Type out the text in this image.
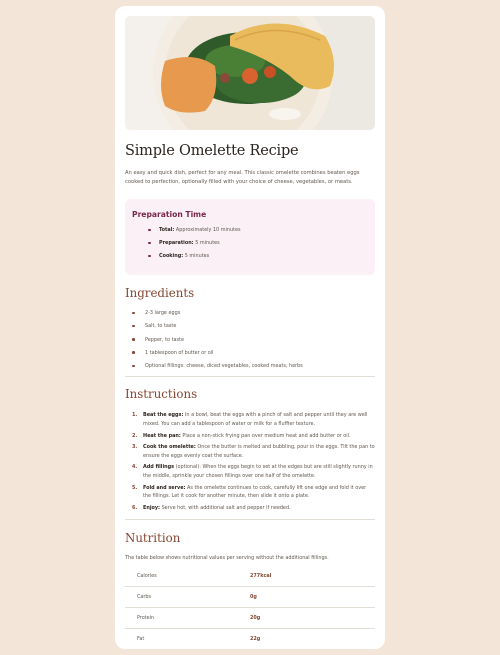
Simple Omelette Recipe

An easy and quick dish, perfect for any meal. This classic omelette combines beaten eggs cooked to perfection, optionally filled with your choice of cheese, vegetables, or meats.

Preparation Time
Total: Approximately 10 minutes
Preparation: 5 minutes
Cooking: 5 minutes
Ingredients
2-3 large eggs
Salt, to taste
Pepper, to taste
1 tablespoon of butter or oil
Optional fillings: cheese, diced vegetables, cooked meats, herbs
Instructions
1. Beat the eggs: In a bowl, beat the eggs with a pinch of salt and pepper until they are well mixed. You can add a tablespoon of water or milk for a fluffier texture.
2. Heat the pan: Place a non-stick frying pan over medium heat and add butter or oil.
3. Cook the omelette: Once the butter is melted and bubbling, pour in the eggs. Tilt the pan to ensure the eggs evenly coat the surface.
4. Add fillings (optional): When the eggs begin to set at the edges but are still slightly runny in the middle, sprinkle your chosen fillings over one half of the omelette.
5. Fold and serve: As the omelette continues to cook, carefully lift one edge and fold it over the fillings. Let it cook for another minute, then slide it onto a plate.
6. Enjoy: Serve hot, with additional salt and pepper if needed.
Nutrition

The table below shows nutritional values per serving without the additional fillings.

Calories	277kcal
Carbs	0g
Protein	20g
Fat	22g
